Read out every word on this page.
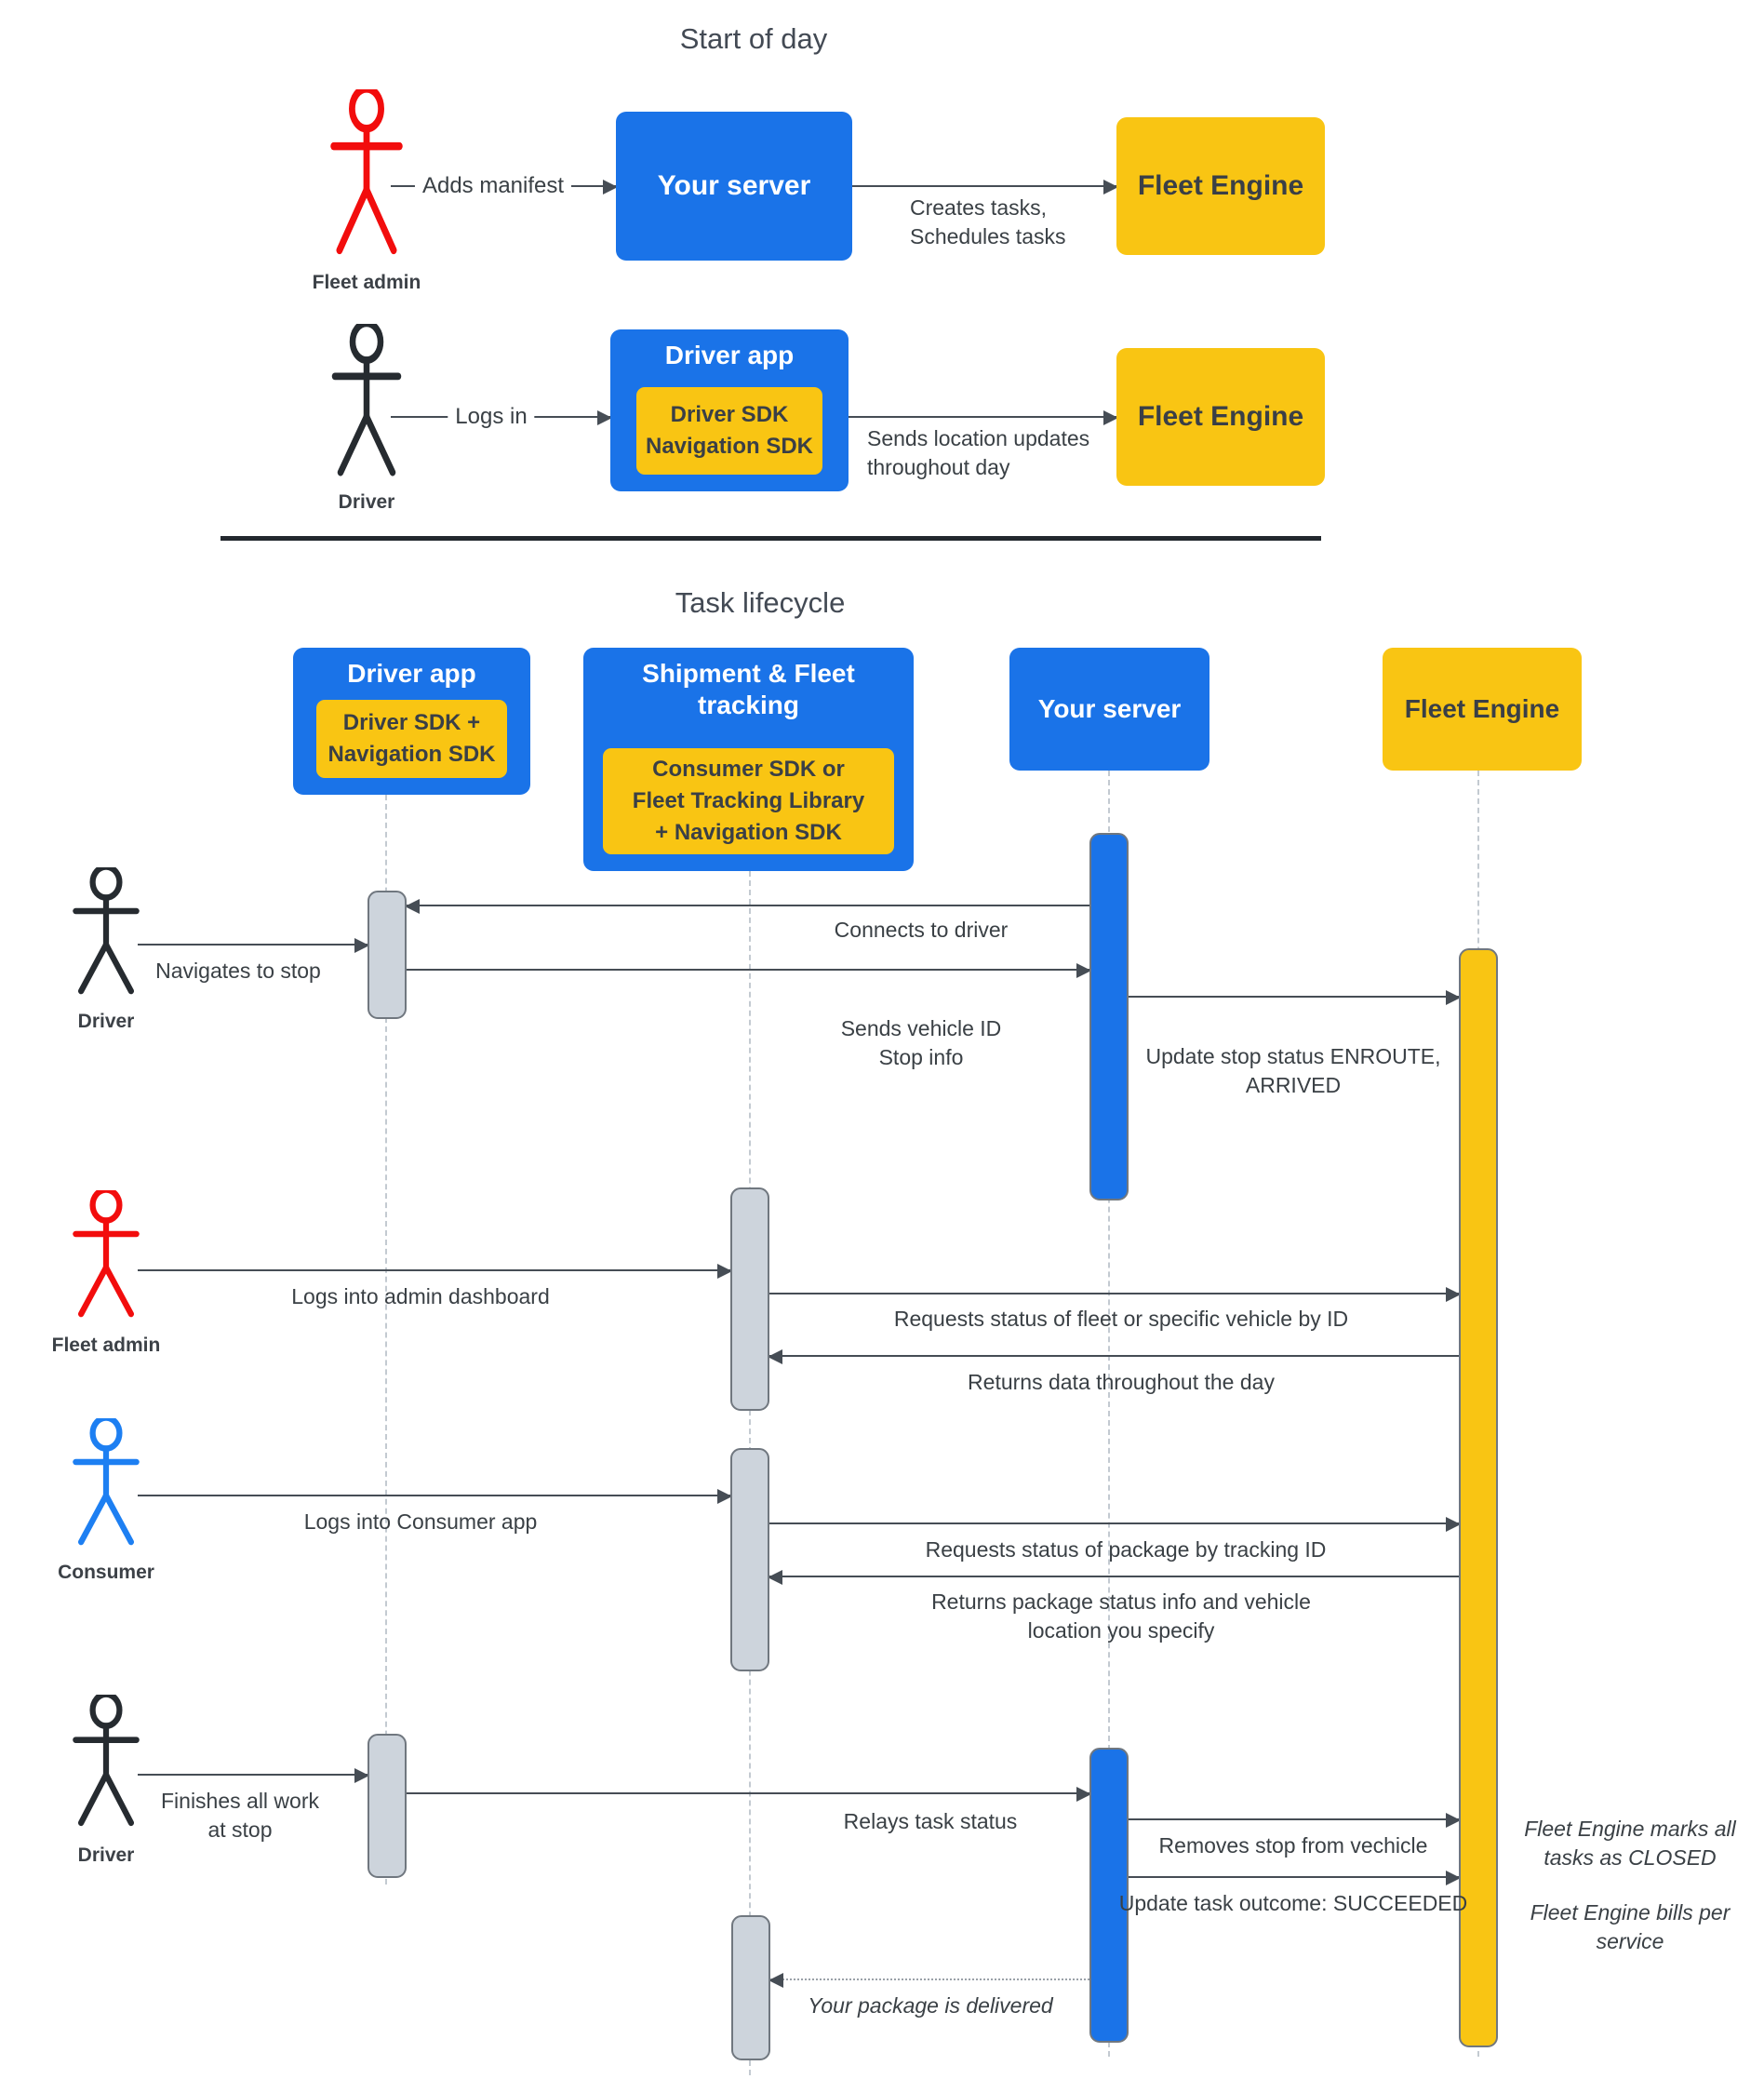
Start of day
Task lifecycle
Adds manifest
Creates tasks,
Schedules tasks
Logs in
Sends location updates
throughout day
Connects to driver
Navigates to stop
Sends vehicle ID
Stop info	Update stop status ENROUTE,
ARRIVED
Logs into admin dashboard
Requests status of fleet or specific vehicle by ID
Returns data throughout the day
Logs into Consumer app
Requests status of package by tracking ID
Returns package status info and vehicle
location you specify
Finishes all work
at stop	Relays task status
Removes stop from vechicle
Update task outcome: SUCCEEDED
Your package is delivered
Your server	Fleet Engine
Driver app
Driver SDK
Navigation SDK
Fleet Engine
Driver app
Driver SDK +
Navigation SDK
Shipment & Fleet
tracking
Consumer SDK or
Fleet Tracking Library
+ Navigation SDK
Your server	Fleet Engine
Fleet admin
Driver
Driver
Fleet admin
Consumer
Driver
Fleet Engine marks all
tasks as CLOSED
Fleet Engine bills per
service
